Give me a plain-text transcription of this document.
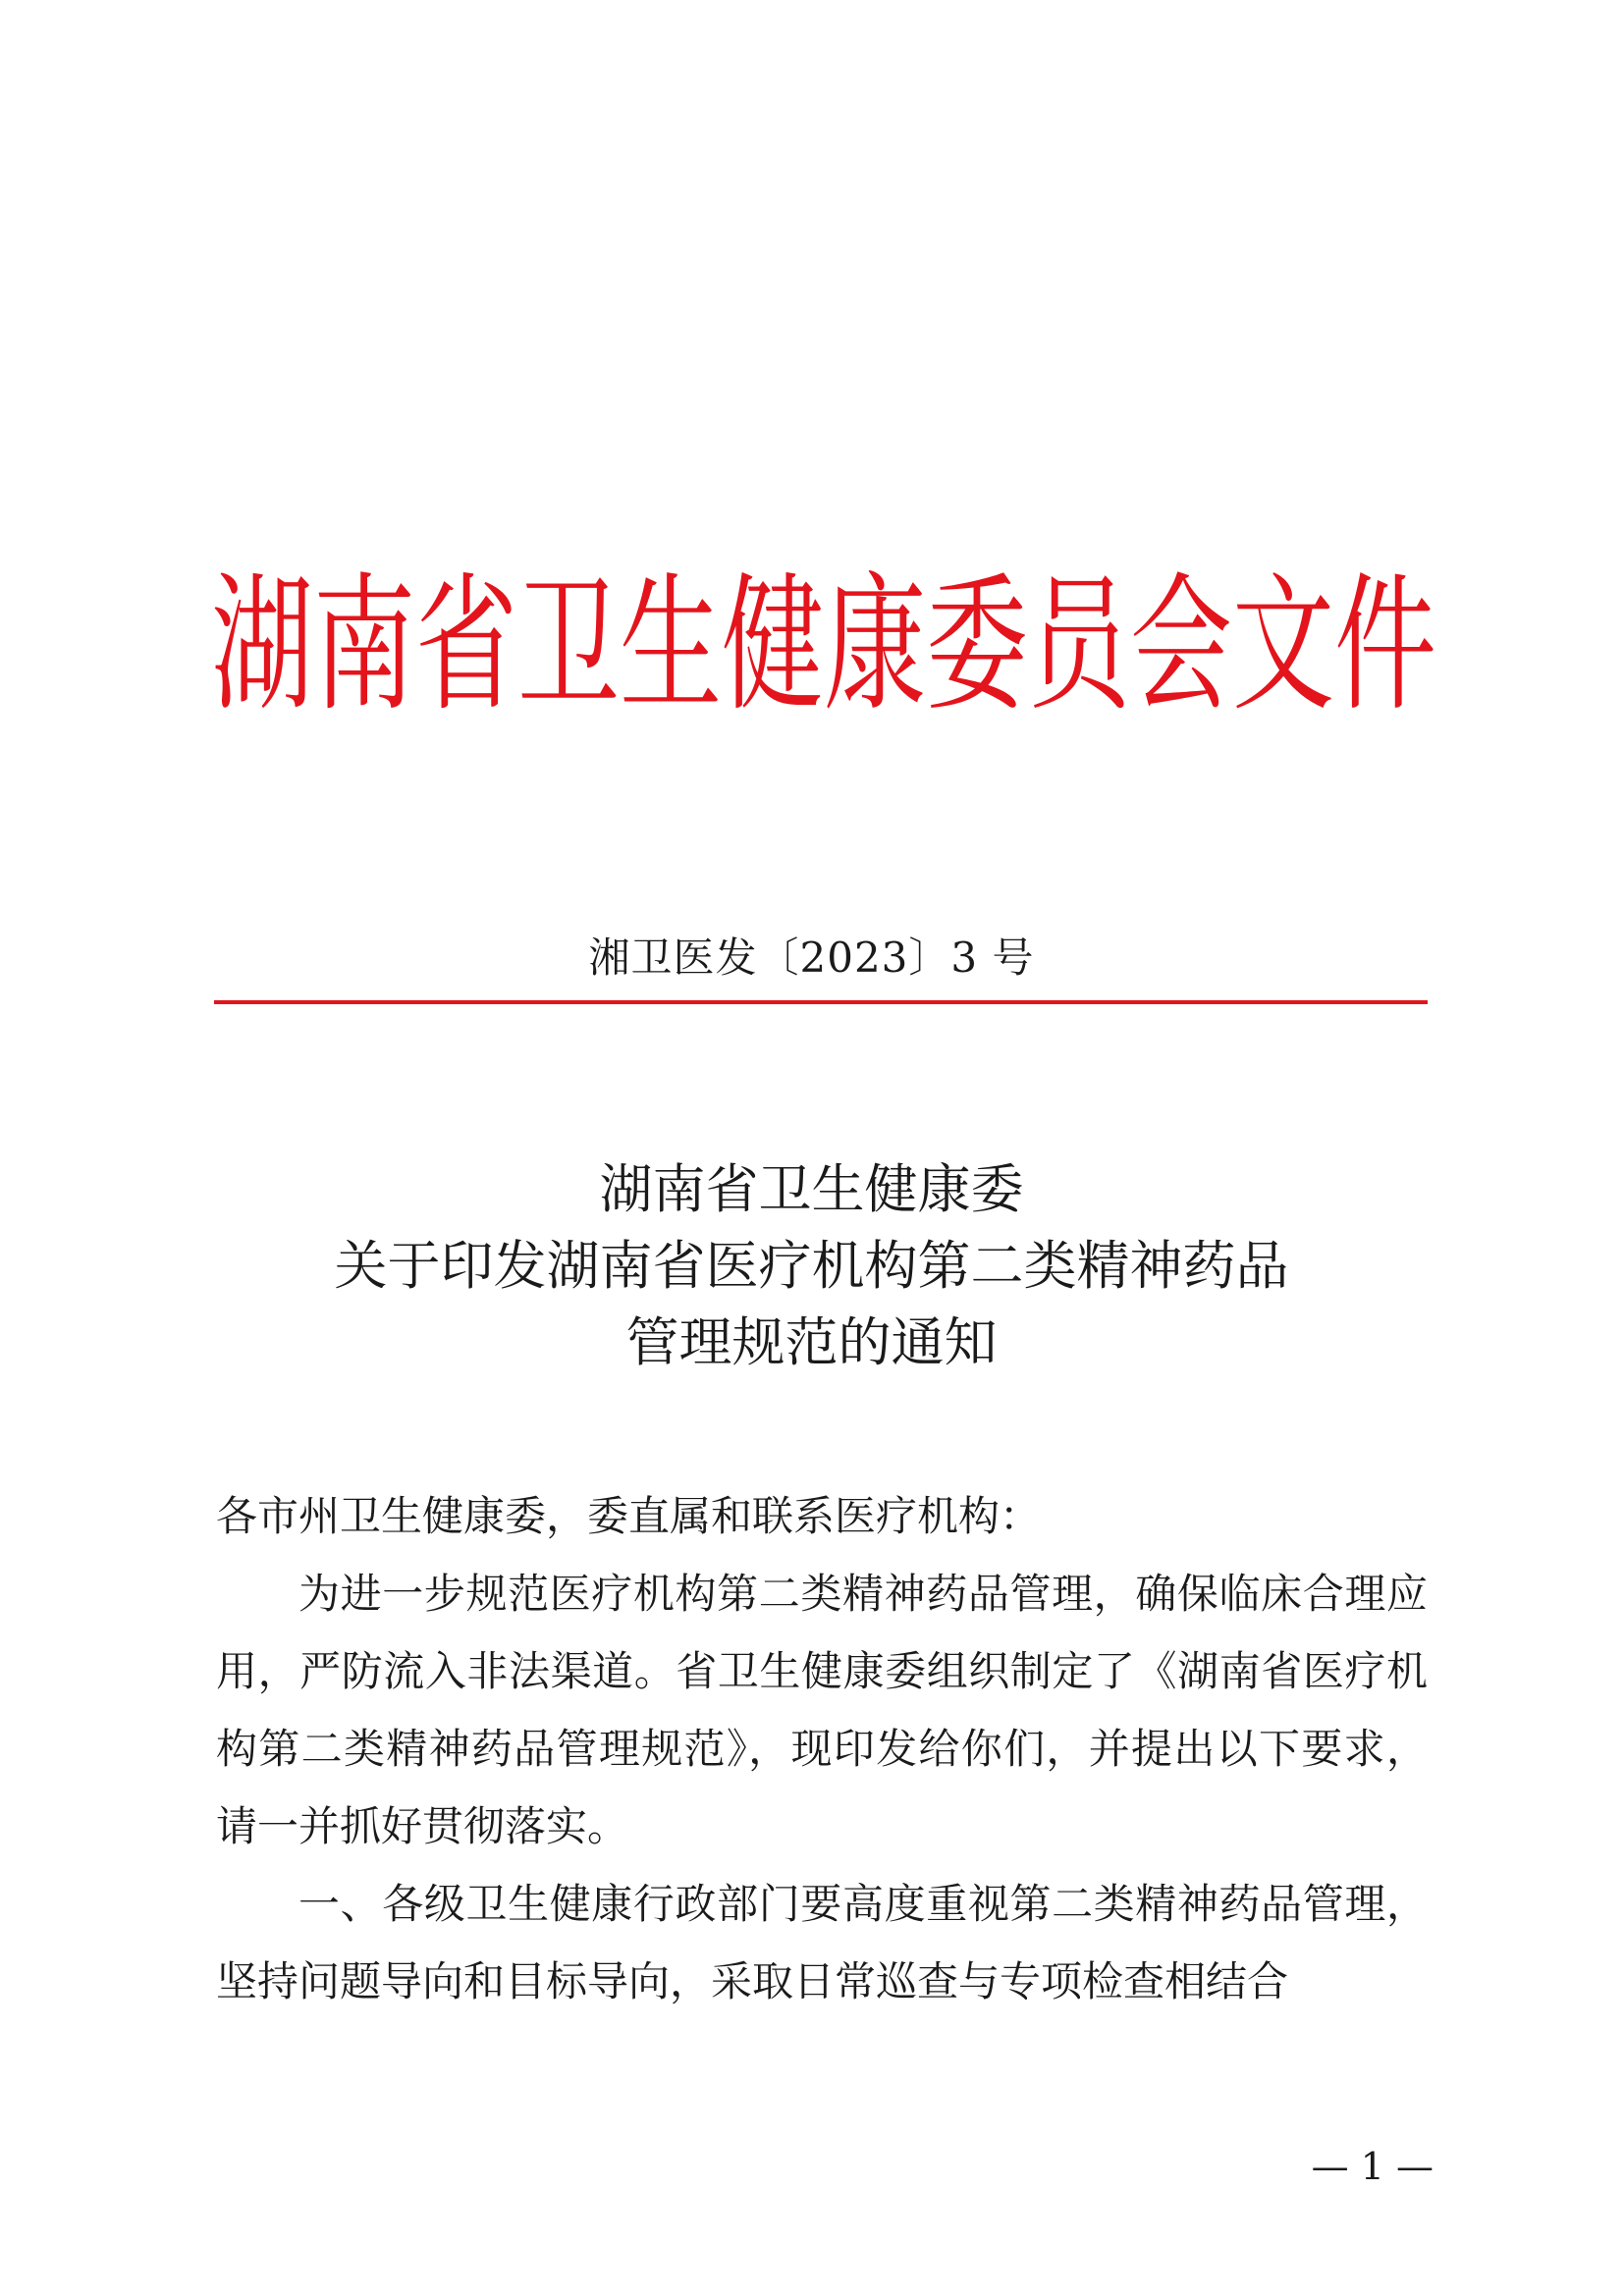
湖 南 省 卫 生 健 康 委 员 会 文 件
湘卫医发〔2023〕3 号
湖南省卫生健康委
关于印发湖南省医疗机构第二类精神药品
管理规范的通知

各市州卫生健康委，委直属和联系医疗机构：

为进一步规范医疗机构第二类精神药品管理，确保临床合理应用，严防流入非法渠道。省卫生健康委组织制定了《湖南省医疗机构第二类精神药品管理规范》，现印发给你们，并提出以下要求，请一并抓好贯彻落实。

一、各级卫生健康行政部门要高度重视第二类精神药品管理，坚持问题导向和目标导向，采取日常巡查与专项检查相结合

— 1 —
